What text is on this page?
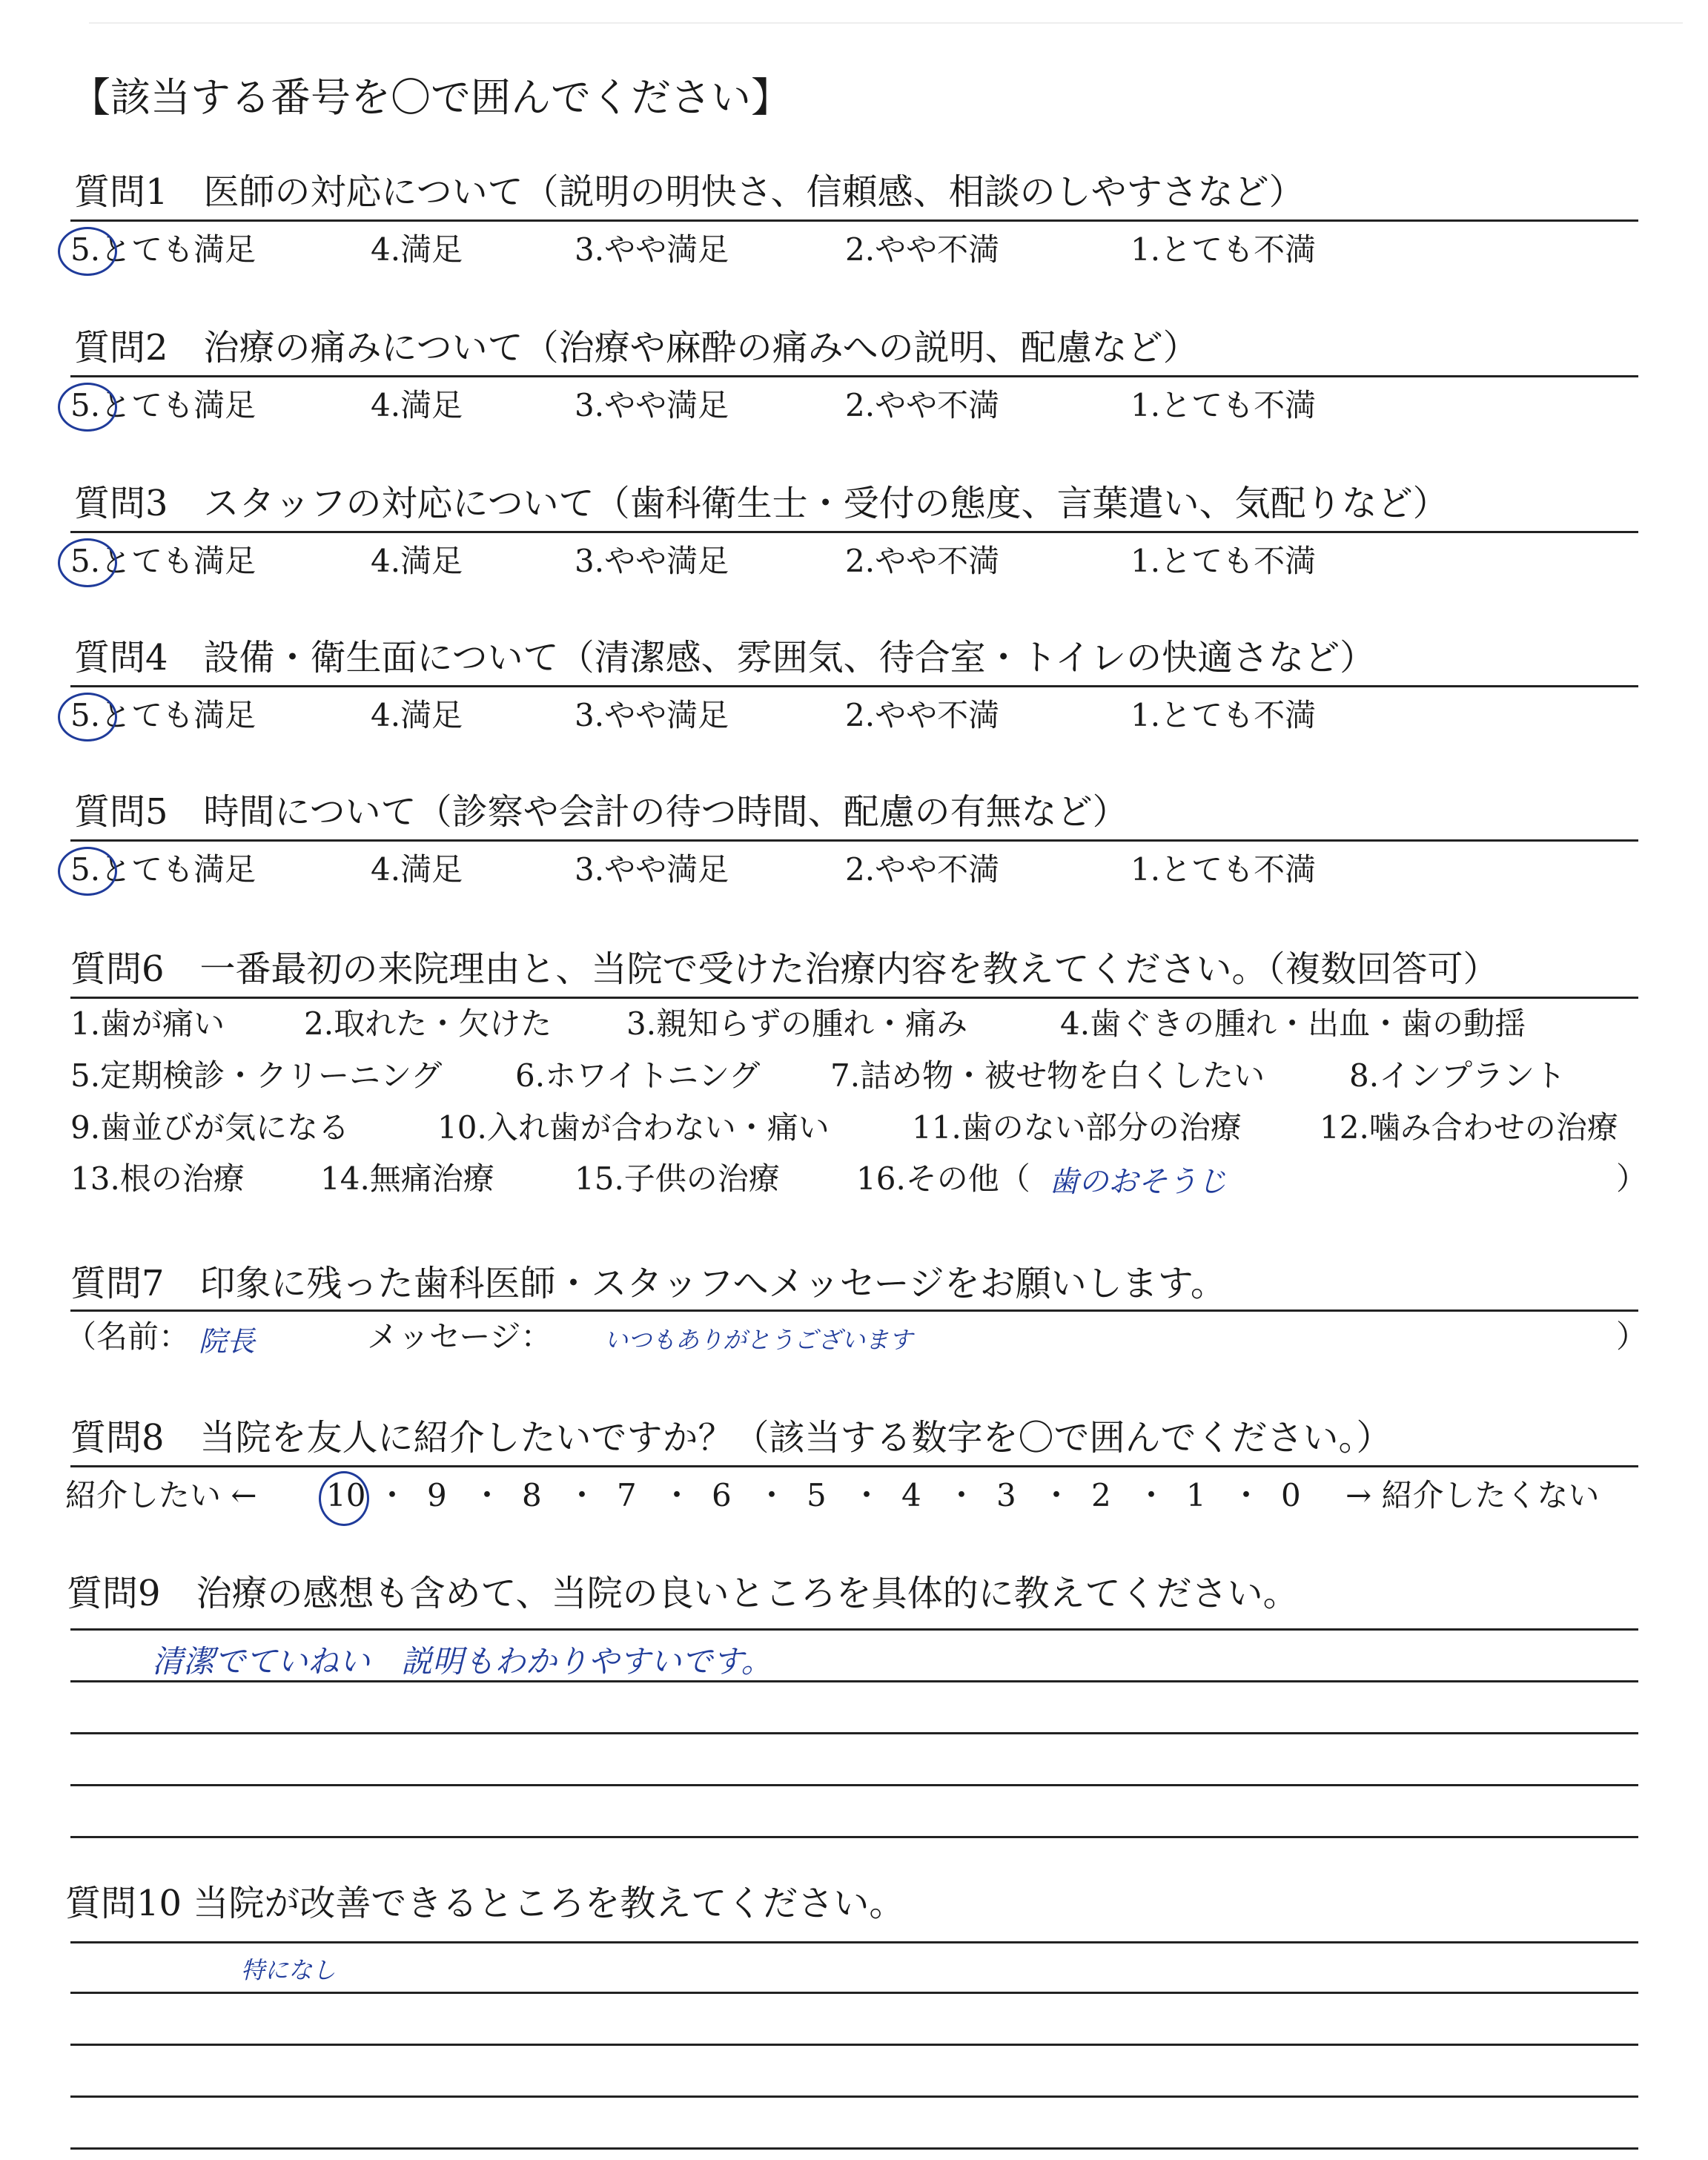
【該当する番号を〇で囲んでください】
質問1　医師の対応について（説明の明快さ、信頼感、相談のしやすさなど）
5.とても満足	4.満足	3.やや満足	2.やや不満	1.とても不満
質問2　治療の痛みについて（治療や麻酔の痛みへの説明、配慮など）
5.とても満足	4.満足	3.やや満足	2.やや不満	1.とても不満
質問3　スタッフの対応について（歯科衛生士・受付の態度、言葉遣い、気配りなど）
5.とても満足	4.満足	3.やや満足	2.やや不満	1.とても不満
質問4　設備・衛生面について（清潔感、雰囲気、待合室・トイレの快適さなど）
5.とても満足	4.満足	3.やや満足	2.やや不満	1.とても不満
質問5　時間について（診察や会計の待つ時間、配慮の有無など）
5.とても満足	4.満足	3.やや満足	2.やや不満	1.とても不満
質問6　一番最初の来院理由と、当院で受けた治療内容を教えてください。（複数回答可）
1.歯が痛い	2.取れた・欠けた 3.親知らずの腫れ・痛み	4.歯ぐきの腫れ・出血・歯の動揺
5.定期検診・クリーニング 6.ホワイトニング 7.詰め物・被せ物を白くしたい	8.インプラント
9.歯並びが気になる	10.入れ歯が合わない・痛い	11.歯のない部分の治療	12.噛み合わせの治療
13.根の治療 14.無痛治療	15.子供の治療 16.その他（	）
歯のおそうじ
質問7　印象に残った歯科医師・スタッフへメッセージをお願いします。
（名前： 院長	メッセージ： いつもありがとうございます	）
質問8　当院を友人に紹介したいですか？（該当する数字を〇で囲んでください。）
紹介したい ← 10 ・ 9 ・ 8 ・ 7 ・ 6 ・ 5 ・ 4 ・ 3 ・ 2 ・ 1 ・ 0 → 紹介したくない
質問9　治療の感想も含めて、当院の良いところを具体的に教えてください。
清潔でていねい　説明もわかりやすいです。
質問10 当院が改善できるところを教えてください。
特になし
